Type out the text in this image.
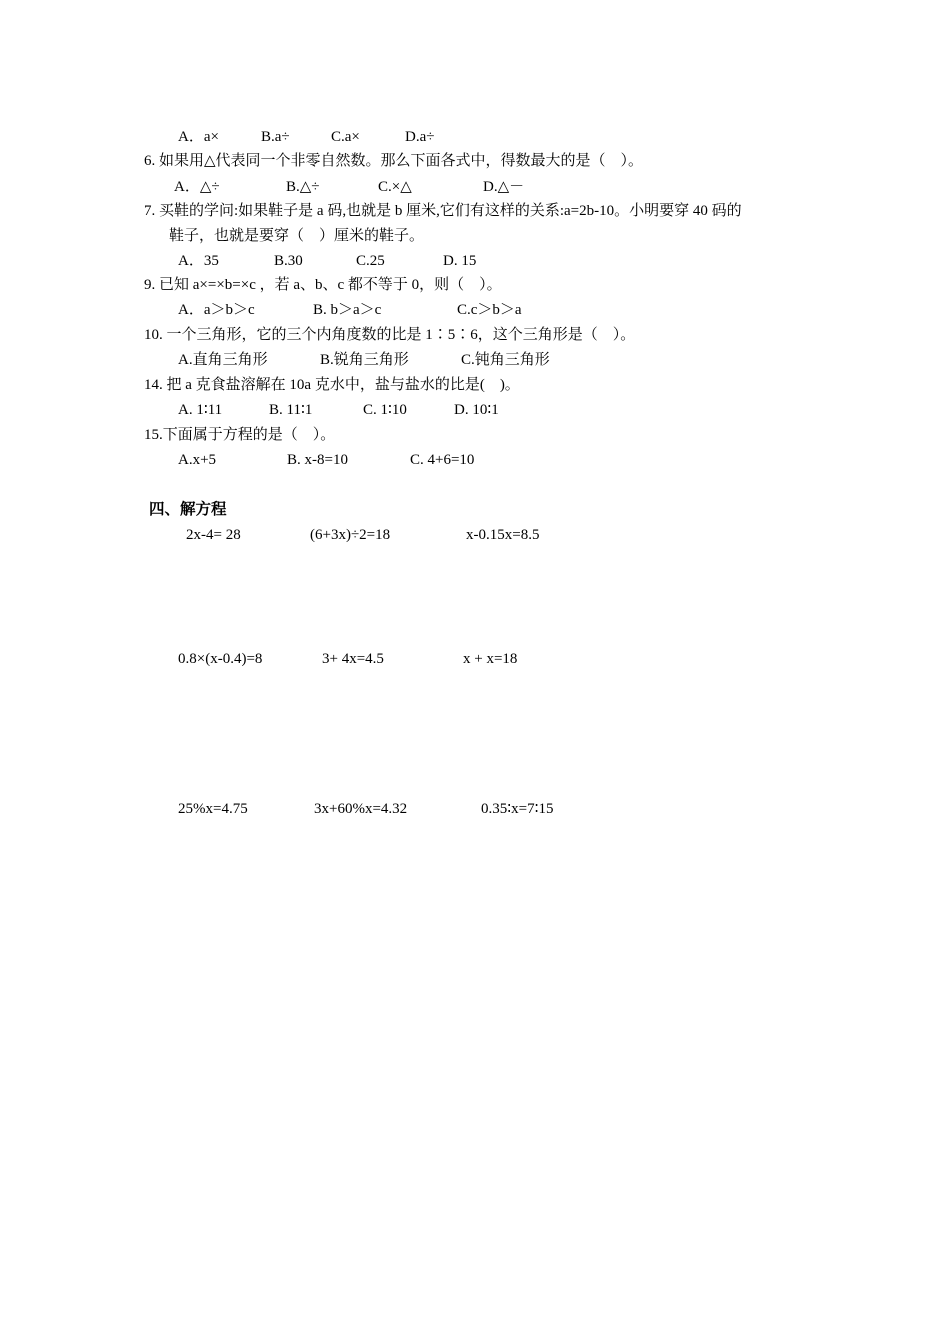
A．a×	B.a÷	C.a×	D.a÷
6. 如果用△代表同一个非零自然数。那么下面各式中，得数最大的是（　）。
A．△÷	B.△÷	C.×△	D.△－
7. 买鞋的学问:如果鞋子是 a 码,也就是 b 厘米,它们有这样的关系:a=2b-10。小明要穿 40 码的
鞋子，也就是要穿（　）厘米的鞋子。
A．35	B.30	C.25	D. 15
9. 已知 a×=×b=×c ，若 a、b、c 都不等于 0，则（　）。
A．a＞b＞c	B. b＞a＞c	C.c＞b＞a
10. 一个三角形，它的三个内角度数的比是 1∶5∶6，这个三角形是（　）。
A.直角三角形	B.锐角三角形	C.钝角三角形
14. 把 a 克食盐溶解在 10a 克水中，盐与盐水的比是(　)。
A. 1∶11	B. 11∶1	C. 1∶10	D. 10∶1
15.下面属于方程的是（　）。
A.x+5	B. x-8=10	C. 4+6=10
四、解方程
2x-4= 28	(6+3x)÷2=18	x-0.15x=8.5
0.8×(x-0.4)=8	3+ 4x=4.5	x + x=18
25%x=4.75	3x+60%x=4.32	0.35∶x=7∶15
